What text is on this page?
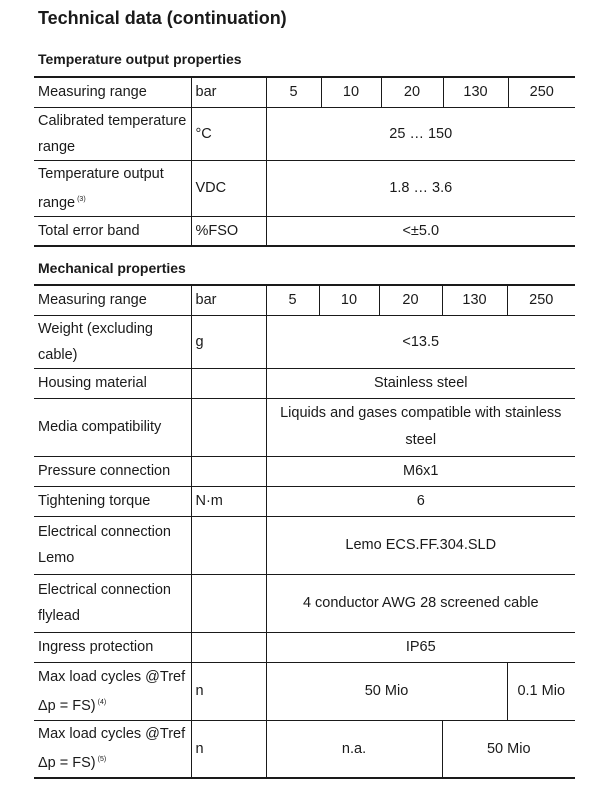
Technical data (continuation)
Temperature output properties
Measuring range	bar	5	10	20	130	250
Calibrated temperature range	°C	25 … 150				
Temperature output range $^{(3)}$	VDC	1.8 … 3.6				
Total error band	%FSO	<±5.0				
Mechanical properties
Measuring range	bar	5	10	20	130	250
Weight (excluding cable)	g	<13.5				
Housing material		Stainless steel				
Media compatibility		Liquids and gases compatible with stainless steel				
Pressure connection		M6x1				
Tightening torque	N·m	6				
Electrical connection Lemo		Lemo ECS.FF.304.SLD				
Electrical connection flylead		4 conductor AWG 28 screened cable				
Ingress protection		IP65				
Max load cycles @Tref Δp = FS) $^{(4)}$	n	50 Mio				0.1 Mio
Max load cycles @Tref Δp = FS) $^{(5)}$	n	n.a.			50 Mio	
